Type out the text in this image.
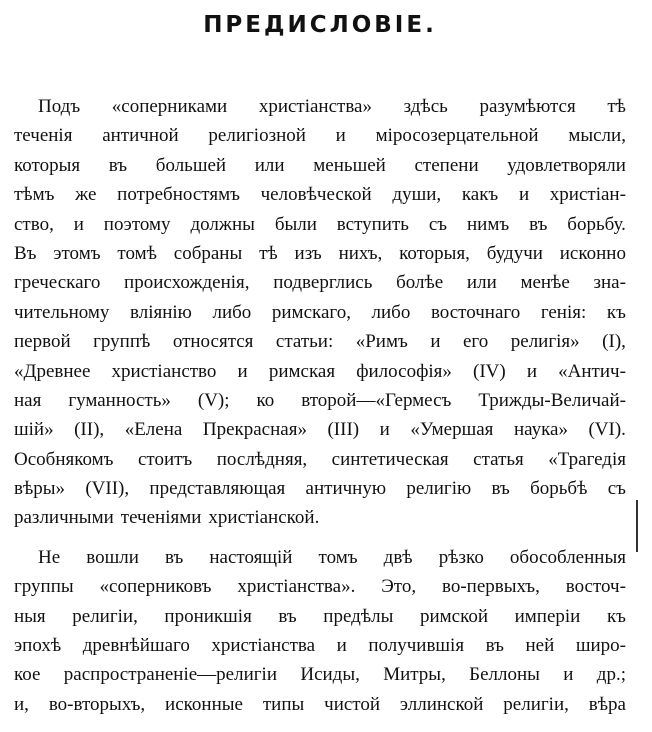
ПРЕДИСЛОВІЕ.
Подъ «соперниками христіанства» здѣсь разумѣются тѣ
теченія античной религіозной и міросозерцательной мысли,
которыя въ большей или меньшей степени удовлетворяли
тѣмъ же потребностямъ человѣческой души, какъ и христіан-
ство, и поэтому должны были вступить съ нимъ въ борьбу.
Въ этомъ томѣ собраны тѣ изъ нихъ, которыя, будучи исконно
греческаго происхожденія, подверглись болѣе или менѣе зна-
чительному вліянію либо римскаго, либо восточнаго генія: къ
первой группѣ относятся статьи: «Римъ и его религія» (I),
«Древнее христіанство и римская философія» (IV) и «Антич-
ная гуманность» (V); ко второй—«Гермесъ Трижды-Величай-
шій» (II), «Елена Прекрасная» (III) и «Умершая наука» (VI).
Особнякомъ стоитъ послѣдняя, синтетическая статья «Трагедія
вѣры» (VII), представляющая античную религію въ борьбѣ съ
различными теченіями христіанской.
Не вошли въ настоящій томъ двѣ рѣзко обособленныя
группы «соперниковъ христіанства». Это, во-первыхъ, восточ-
ныя религіи, проникшія въ предѣлы римской имперіи къ
эпохѣ древнѣйшаго христіанства и получившія въ ней широ-
кое распространеніе—религіи Исиды, Митры, Беллоны и др.;
и, во-вторыхъ, исконные типы чистой эллинской религіи, вѣра
